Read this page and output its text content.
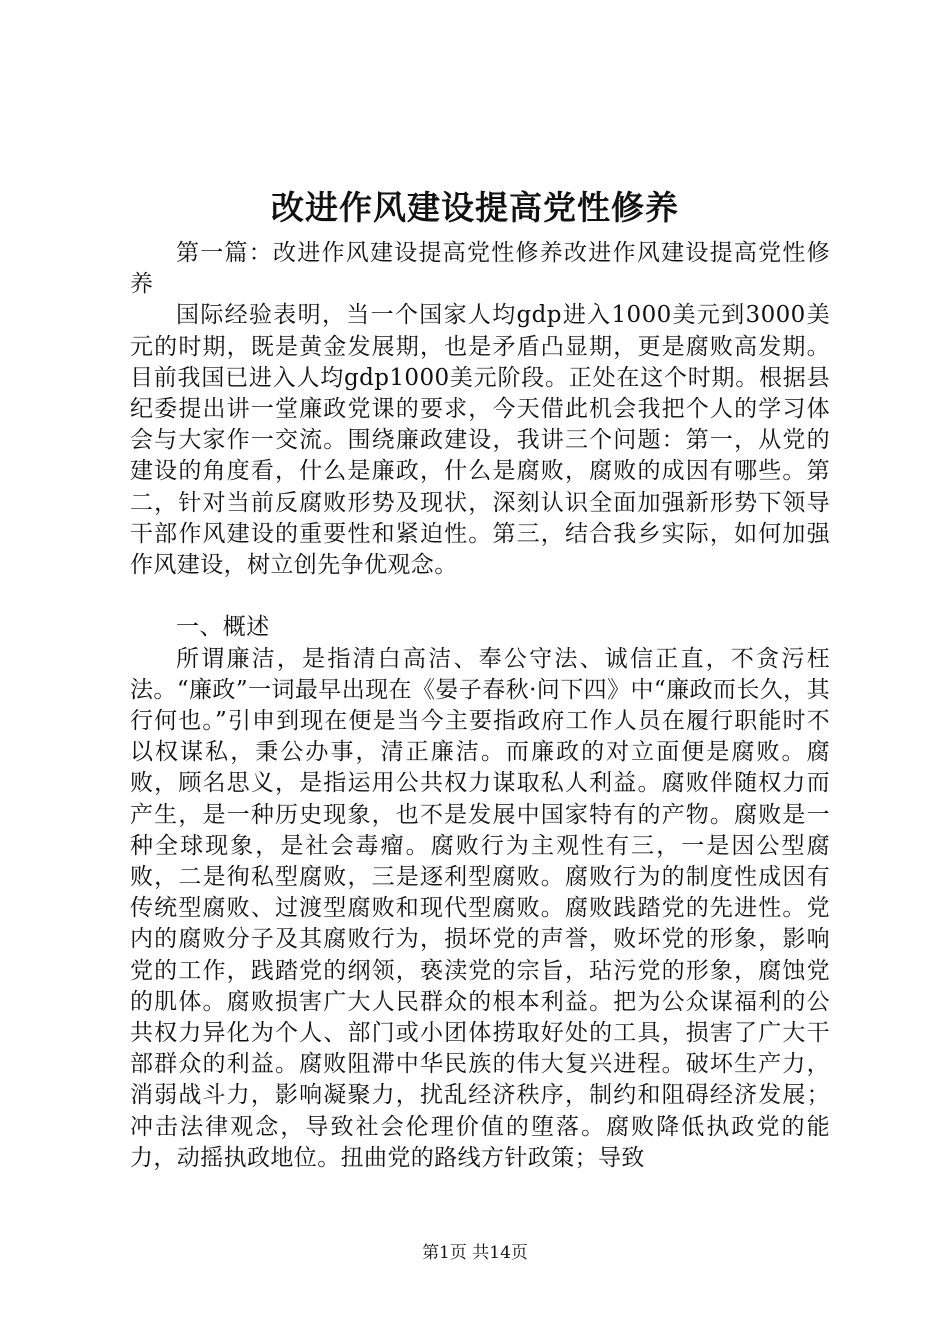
改进作风建设提高党性修养

第一篇：改进作风建设提高党性修养改进作风建设提高党性修养

国际经验表明，当一个国家人均gdp进入1000美元到3000美元的时期，既是黄金发展期，也是矛盾凸显期，更是腐败高发期。目前我国已进入人均gdp1000美元阶段。正处在这个时期。根据县纪委提出讲一堂廉政党课的要求，今天借此机会我把个人的学习体会与大家作一交流。围绕廉政建设，我讲三个问题：第一，从党的建设的角度看，什么是廉政，什么是腐败，腐败的成因有哪些。第二，针对当前反腐败形势及现状，深刻认识全面加强新形势下领导干部作风建设的重要性和紧迫性。第三，结合我乡实际，如何加强作风建设，树立创先争优观念。

一、概述

所谓廉洁，是指清白高洁、奉公守法、诚信正直，不贪污枉法。“廉政”一词最早出现在《晏子春秋·问下四》中“廉政而长久，其行何也。”引申到现在便是当今主要指政府工作人员在履行职能时不以权谋私，秉公办事，清正廉洁。而廉政的对立面便是腐败。腐败，顾名思义，是指运用公共权力谋取私人利益。腐败伴随权力而产生，是一种历史现象，也不是发展中国家特有的产物。腐败是一种全球现象，是社会毒瘤。腐败行为主观性有三，一是因公型腐败，二是徇私型腐败，三是逐利型腐败。腐败行为的制度性成因有传统型腐败、过渡型腐败和现代型腐败。腐败践踏党的先进性。党内的腐败分子及其腐败行为，损坏党的声誉，败坏党的形象，影响党的工作，践踏党的纲领，亵渎党的宗旨，玷污党的形象，腐蚀党的肌体。腐败损害广大人民群众的根本利益。把为公众谋福利的公共权力异化为个人、部门或小团体捞取好处的工具，损害了广大干部群众的利益。腐败阻滞中华民族的伟大复兴进程。破坏生产力，消弱战斗力，影响凝聚力，扰乱经济秩序，制约和阻碍经济发展；冲击法律观念，导致社会伦理价值的堕落。腐败降低执政党的能力，动摇执政地位。扭曲党的路线方针政策；导致

第1页 共14页
